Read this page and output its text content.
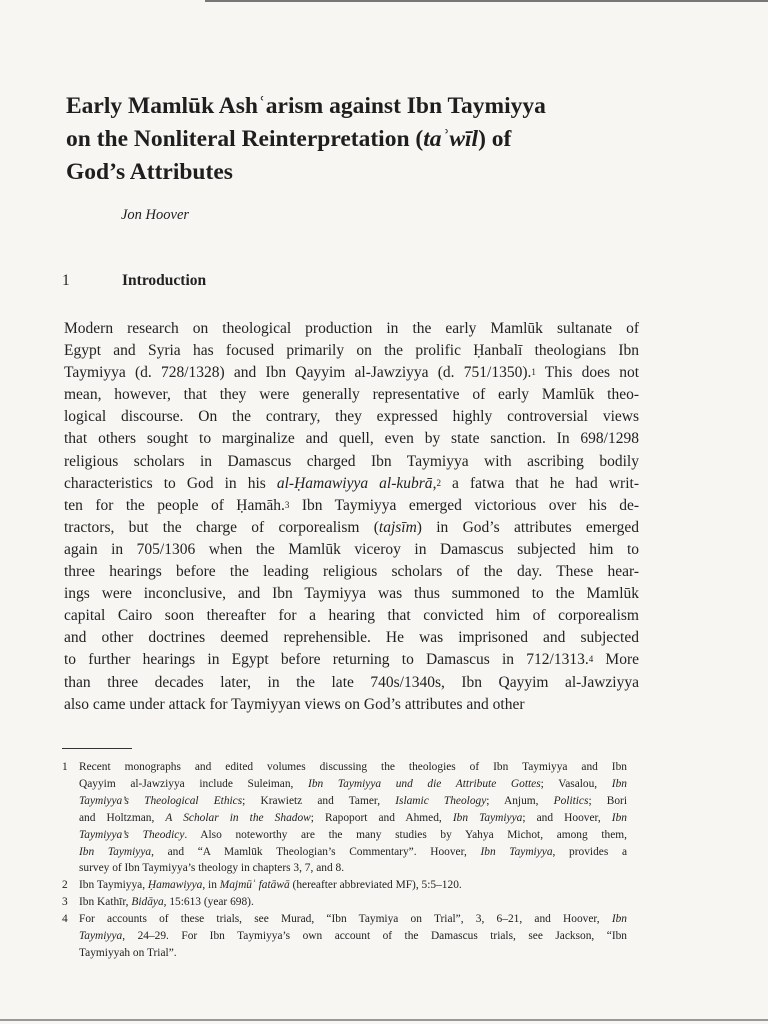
Early Mamlūk Ashʿarism against Ibn Taymiyya
on the Nonliteral Reinterpretation (taʾwīl) of
God’s Attributes
Jon Hoover
1	Introduction
Modern research on theological production in the early Mamlūk sultanate of
Egypt and Syria has focused primarily on the prolific Ḥanbalī theologians Ibn
Taymiyya (d. 728/1328) and Ibn Qayyim al-Jawziyya (d. 751/1350).$^1$ This does not
mean, however, that they were generally representative of early Mamlūk theo-
logical discourse. On the contrary, they expressed highly controversial views
that others sought to marginalize and quell, even by state sanction. In 698/1298
religious scholars in Damascus charged Ibn Taymiyya with ascribing bodily
characteristics to God in his al-Ḥamawiyya al-kubrā,$^2$ a fatwa that he had writ-
ten for the people of Ḥamāh.$^3$ Ibn Taymiyya emerged victorious over his de-
tractors, but the charge of corporealism (tajsīm) in God’s attributes emerged
again in 705/1306 when the Mamlūk viceroy in Damascus subjected him to
three hearings before the leading religious scholars of the day. These hear-
ings were inconclusive, and Ibn Taymiyya was thus summoned to the Mamlūk
capital Cairo soon thereafter for a hearing that convicted him of corporealism
and other doctrines deemed reprehensible. He was imprisoned and subjected
to further hearings in Egypt before returning to Damascus in 712/1313.$^4$ More
than three decades later, in the late 740s/1340s, Ibn Qayyim al-Jawziyya
also came under attack for Taymiyyan views on God’s attributes and other
1 Recent monographs and edited volumes discussing the theologies of Ibn Taymiyya and Ibn
Qayyim al-Jawziyya include Suleiman, Ibn Taymiyya und die Attribute Gottes; Vasalou, Ibn
Taymiyya’s Theological Ethics; Krawietz and Tamer, Islamic Theology; Anjum, Politics; Bori
and Holtzman, A Scholar in the Shadow; Rapoport and Ahmed, Ibn Taymiyya; and Hoover, Ibn
Taymiyya’s Theodicy. Also noteworthy are the many studies by Yahya Michot, among them,
Ibn Taymiyya, and “A Mamlūk Theologian’s Commentary”. Hoover, Ibn Taymiyya, provides a
survey of Ibn Taymiyya’s theology in chapters 3, 7, and 8.
2 Ibn Taymiyya, Ḥamawiyya, in Majmūʿ fatāwā (hereafter abbreviated MF), 5:5–120.
3 Ibn Kathīr, Bidāya, 15:613 (year 698).
4 For accounts of these trials, see Murad, “Ibn Taymiya on Trial”, 3, 6–21, and Hoover, Ibn
Taymiyya, 24–29. For Ibn Taymiyya’s own account of the Damascus trials, see Jackson, “Ibn
Taymiyyah on Trial”.
